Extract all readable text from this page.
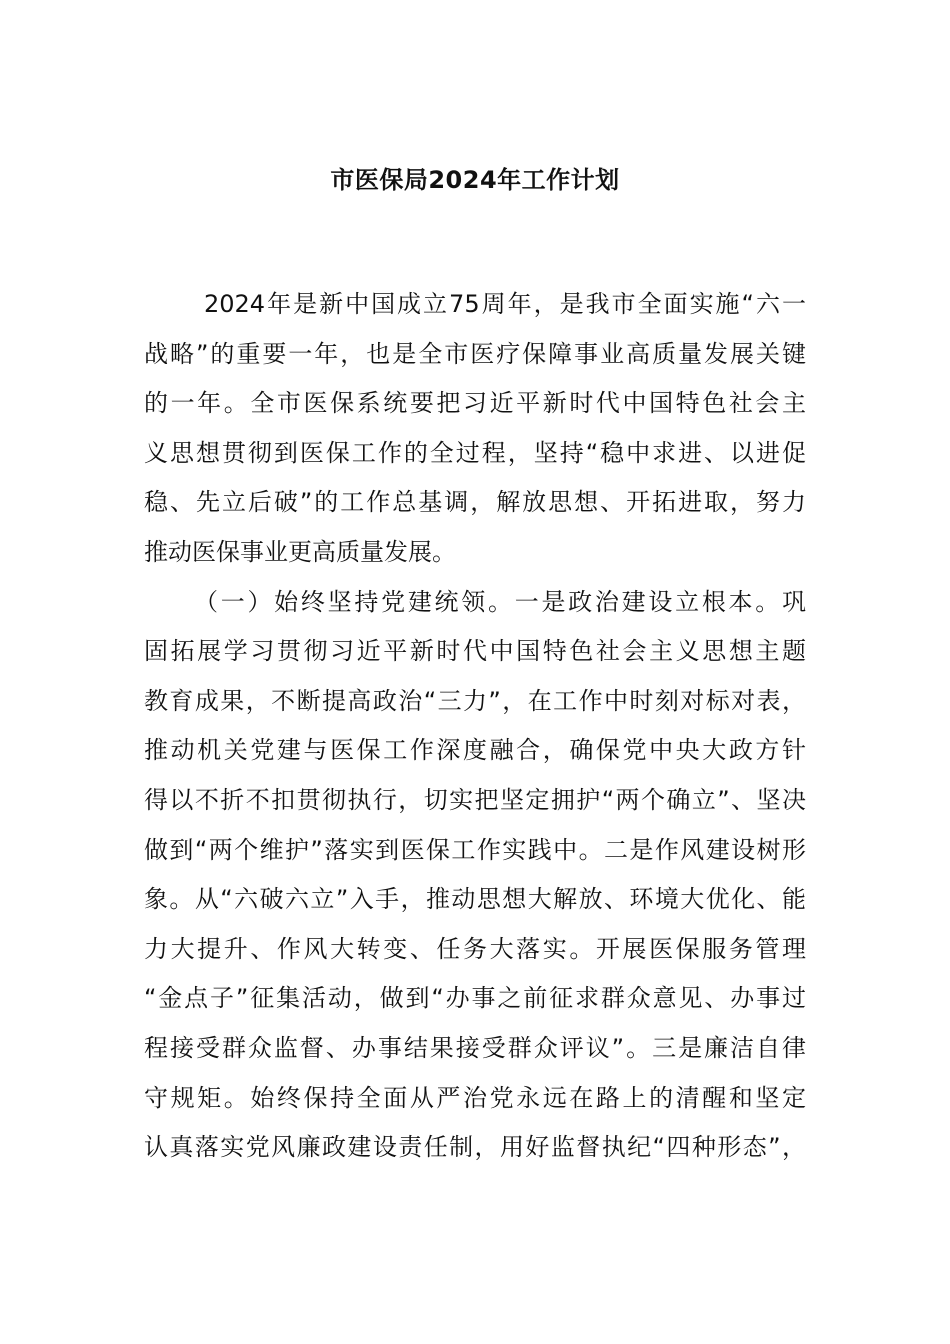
市医保局2024年工作计划

2024年是新中国成立75周年，是我市全面实施“六一
战略”的重要一年，也是全市医疗保障事业高质量发展关键
的一年。全市医保系统要把习近平新时代中国特色社会主
义思想贯彻到医保工作的全过程，坚持“稳中求进、以进促
稳、先立后破”的工作总基调，解放思想、开拓进取，努力
推动医保事业更高质量发展。

（一）始终坚持党建统领。一是政治建设立根本。巩
固拓展学习贯彻习近平新时代中国特色社会主义思想主题
教育成果，不断提高政治“三力”，在工作中时刻对标对表，
推动机关党建与医保工作深度融合，确保党中央大政方针
得以不折不扣贯彻执行，切实把坚定拥护“两个确立”、坚决
做到“两个维护”落实到医保工作实践中。二是作风建设树形
象。从“六破六立”入手，推动思想大解放、环境大优化、能
力大提升、作风大转变、任务大落实。开展医保服务管理
“金点子”征集活动，做到“办事之前征求群众意见、办事过
程接受群众监督、办事结果接受群众评议”。三是廉洁自律
守规矩。始终保持全面从严治党永远在路上的清醒和坚定
认真落实党风廉政建设责任制，用好监督执纪“四种形态”，
